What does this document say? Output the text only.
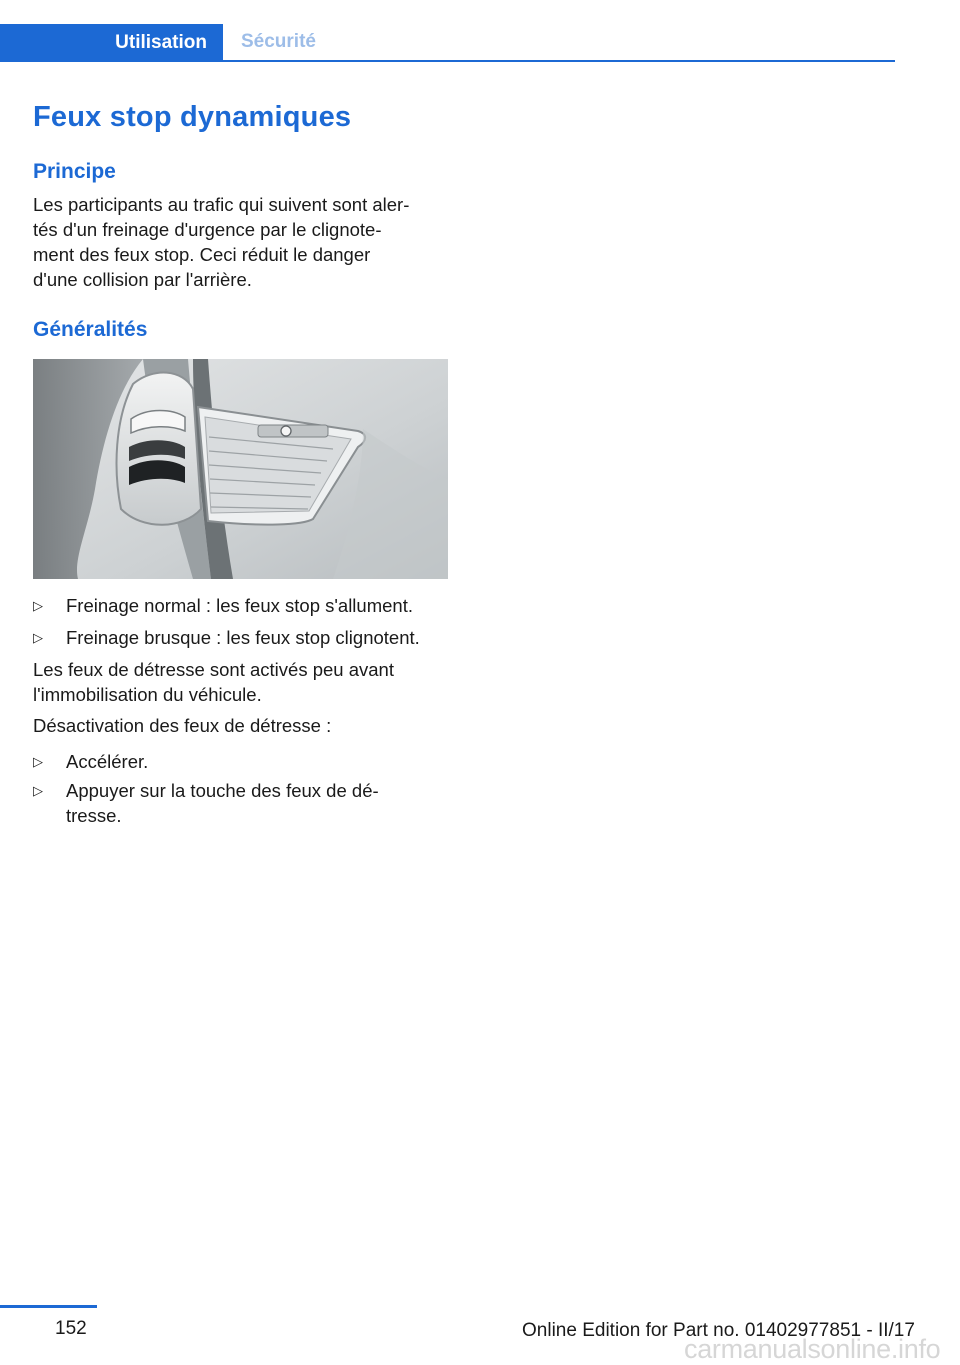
Utilisation Sécurité
Feux stop dynamiques
Principe
Les participants au trafic qui suivent sont aler‐
tés d'un freinage d'urgence par le clignote‐
ment des feux stop. Ceci réduit le danger
d'une collision par l'arrière.
Généralités
▷ Freinage normal : les feux stop s'allument.
▷ Freinage brusque : les feux stop clignotent.
Les feux de détresse sont activés peu avant
l'immobilisation du véhicule.
Désactivation des feux de détresse :
▷ Accélérer.
▷ Appuyer sur la touche des feux de dé‐
tresse.
152	Online Edition for Part no. 01402977851 - II/17
carmanualsonline.info
